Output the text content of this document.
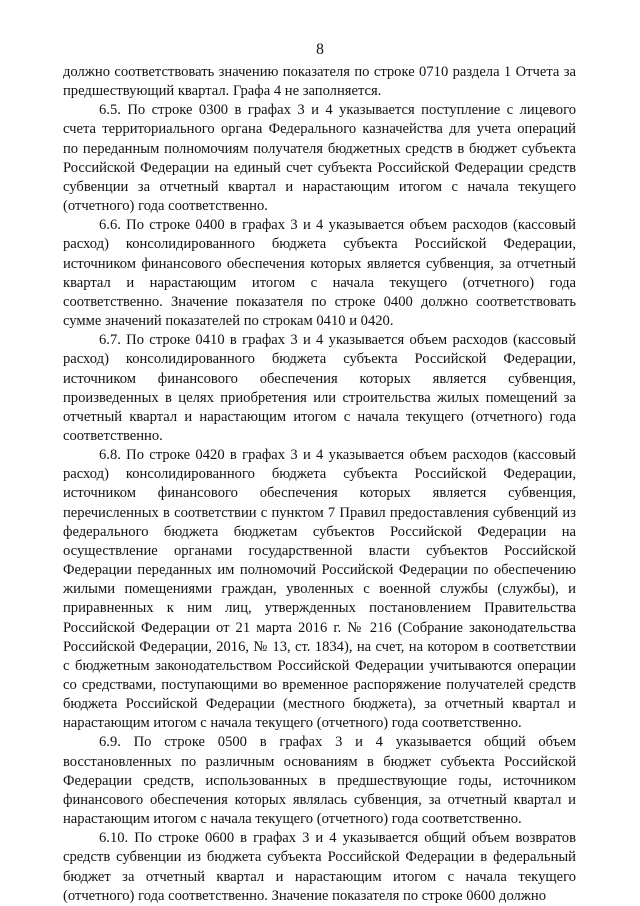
8

должно соответствовать значению показателя по строке 0710 раздела 1 Отчета за предшествующий квартал. Графа 4 не заполняется.

6.5. По строке 0300 в графах 3 и 4 указывается поступление с лицевого счета территориального органа Федерального казначейства для учета операций по переданным полномочиям получателя бюджетных средств в бюджет субъекта Российской Федерации на единый счет субъекта Российской Федерации средств субвенции за отчетный квартал и нарастающим итогом с начала текущего (отчетного) года соответственно.

6.6. По строке 0400 в графах 3 и 4 указывается объем расходов (кассовый расход) консолидированного бюджета субъекта Российской Федерации, источником финансового обеспечения которых является субвенция, за отчетный квартал и нарастающим итогом с начала текущего (отчетного) года соответственно. Значение показателя по строке 0400 должно соответствовать сумме значений показателей по строкам 0410 и 0420.

6.7. По строке 0410 в графах 3 и 4 указывается объем расходов (кассовый расход) консолидированного бюджета субъекта Российской Федерации, источником финансового обеспечения которых является субвенция, произведенных в целях приобретения или строительства жилых помещений за отчетный квартал и нарастающим итогом с начала текущего (отчетного) года соответственно.

6.8. По строке 0420 в графах 3 и 4 указывается объем расходов (кассовый расход) консолидированного бюджета субъекта Российской Федерации, источником финансового обеспечения которых является субвенция, перечисленных в соответствии с пунктом 7 Правил предоставления субвенций из федерального бюджета бюджетам субъектов Российской Федерации на осуществление органами государственной власти субъектов Российской Федерации переданных им полномочий Российской Федерации по обеспечению жилыми помещениями граждан, уволенных с военной службы (службы), и приравненных к ним лиц, утвержденных постановлением Правительства Российской Федерации от 21 марта 2016 г. № 216 (Собрание законодательства Российской Федерации, 2016, № 13, ст. 1834), на счет, на котором в соответствии с бюджетным законодательством Российской Федерации учитываются операции со средствами, поступающими во временное распоряжение получателей средств бюджета Российской Федерации (местного бюджета), за отчетный квартал и нарастающим итогом с начала текущего (отчетного) года соответственно.

6.9. По строке 0500 в графах 3 и 4 указывается общий объем восстановленных по различным основаниям в бюджет субъекта Российской Федерации средств, использованных в предшествующие годы, источником финансового обеспечения которых являлась субвенция, за отчетный квартал и нарастающим итогом с начала текущего (отчетного) года соответственно.

6.10. По строке 0600 в графах 3 и 4 указывается общий объем возвратов средств субвенции из бюджета субъекта Российской Федерации в федеральный бюджет за отчетный квартал и нарастающим итогом с начала текущего (отчетного) года соответственно. Значение показателя по строке 0600 должно
